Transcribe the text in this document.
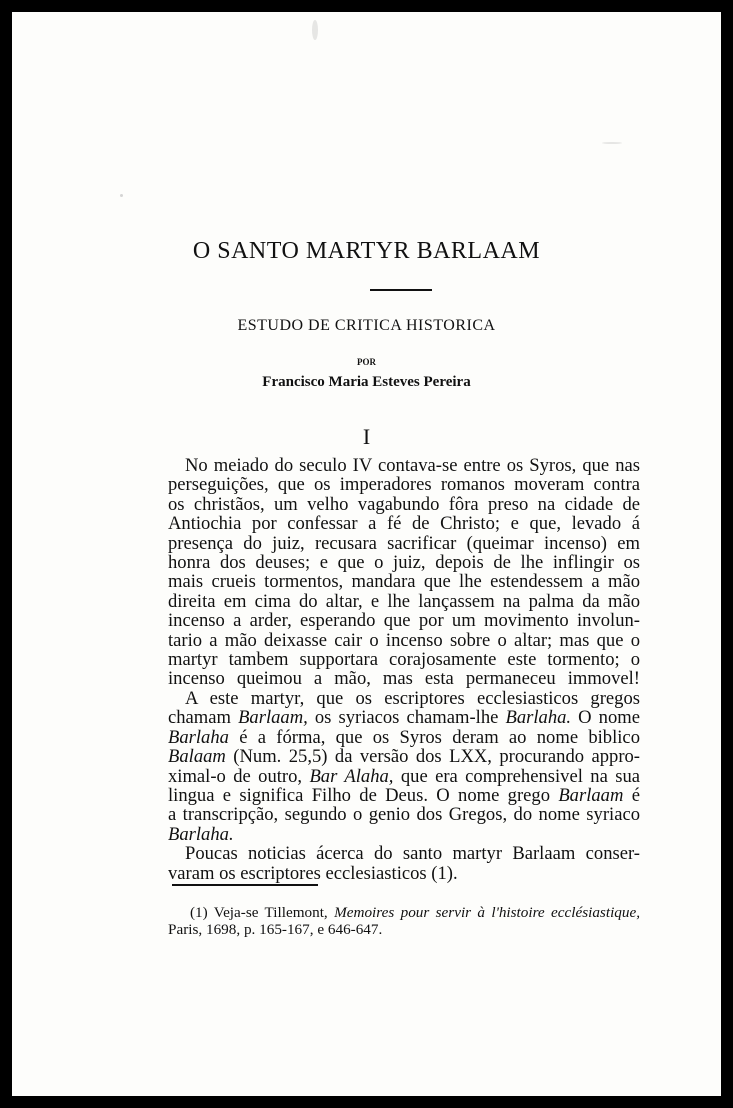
O SANTO MARTYR BARLAAM
ESTUDO DE CRITICA HISTORICA
POR
Francisco Maria Esteves Pereira
I

No meiado do seculo IV contava-se entre os Syros, que nas
perseguições, que os imperadores romanos moveram contra
os christãos, um velho vagabundo fôra preso na cidade de
Antiochia por confessar a fé de Christo; e que, levado á
presença do juiz, recusara sacrificar (queimar incenso) em
honra dos deuses; e que o juiz, depois de lhe inflingir os
mais crueis tormentos, mandara que lhe estendessem a mão
direita em cima do altar, e lhe lançassem na palma da mão
incenso a arder, esperando que por um movimento involun-
tario a mão deixasse cair o incenso sobre o altar; mas que o
martyr tambem supportara corajosamente este tormento; o
incenso queimou a mão, mas esta permaneceu immovel!

A este martyr, que os escriptores ecclesiasticos gregos
chamam Barlaam, os syriacos chamam-lhe Barlaha. O nome
Barlaha é a fórma, que os Syros deram ao nome biblico
Balaam (Num. 25,5) da versão dos LXX, procurando appro-
ximal-o de outro, Bar Alaha, que era comprehensivel na sua
lingua e significa Filho de Deus. O nome grego Barlaam é
a transcripção, segundo o genio dos Gregos, do nome syriaco
Barlaha.

Poucas noticias ácerca do santo martyr Barlaam conser-
varam os escriptores ecclesiasticos (1).

(1) Veja-se Tillemont, Memoires pour servir à l'histoire ecclésiastique,
Paris, 1698, p. 165-167, e 646-647.
